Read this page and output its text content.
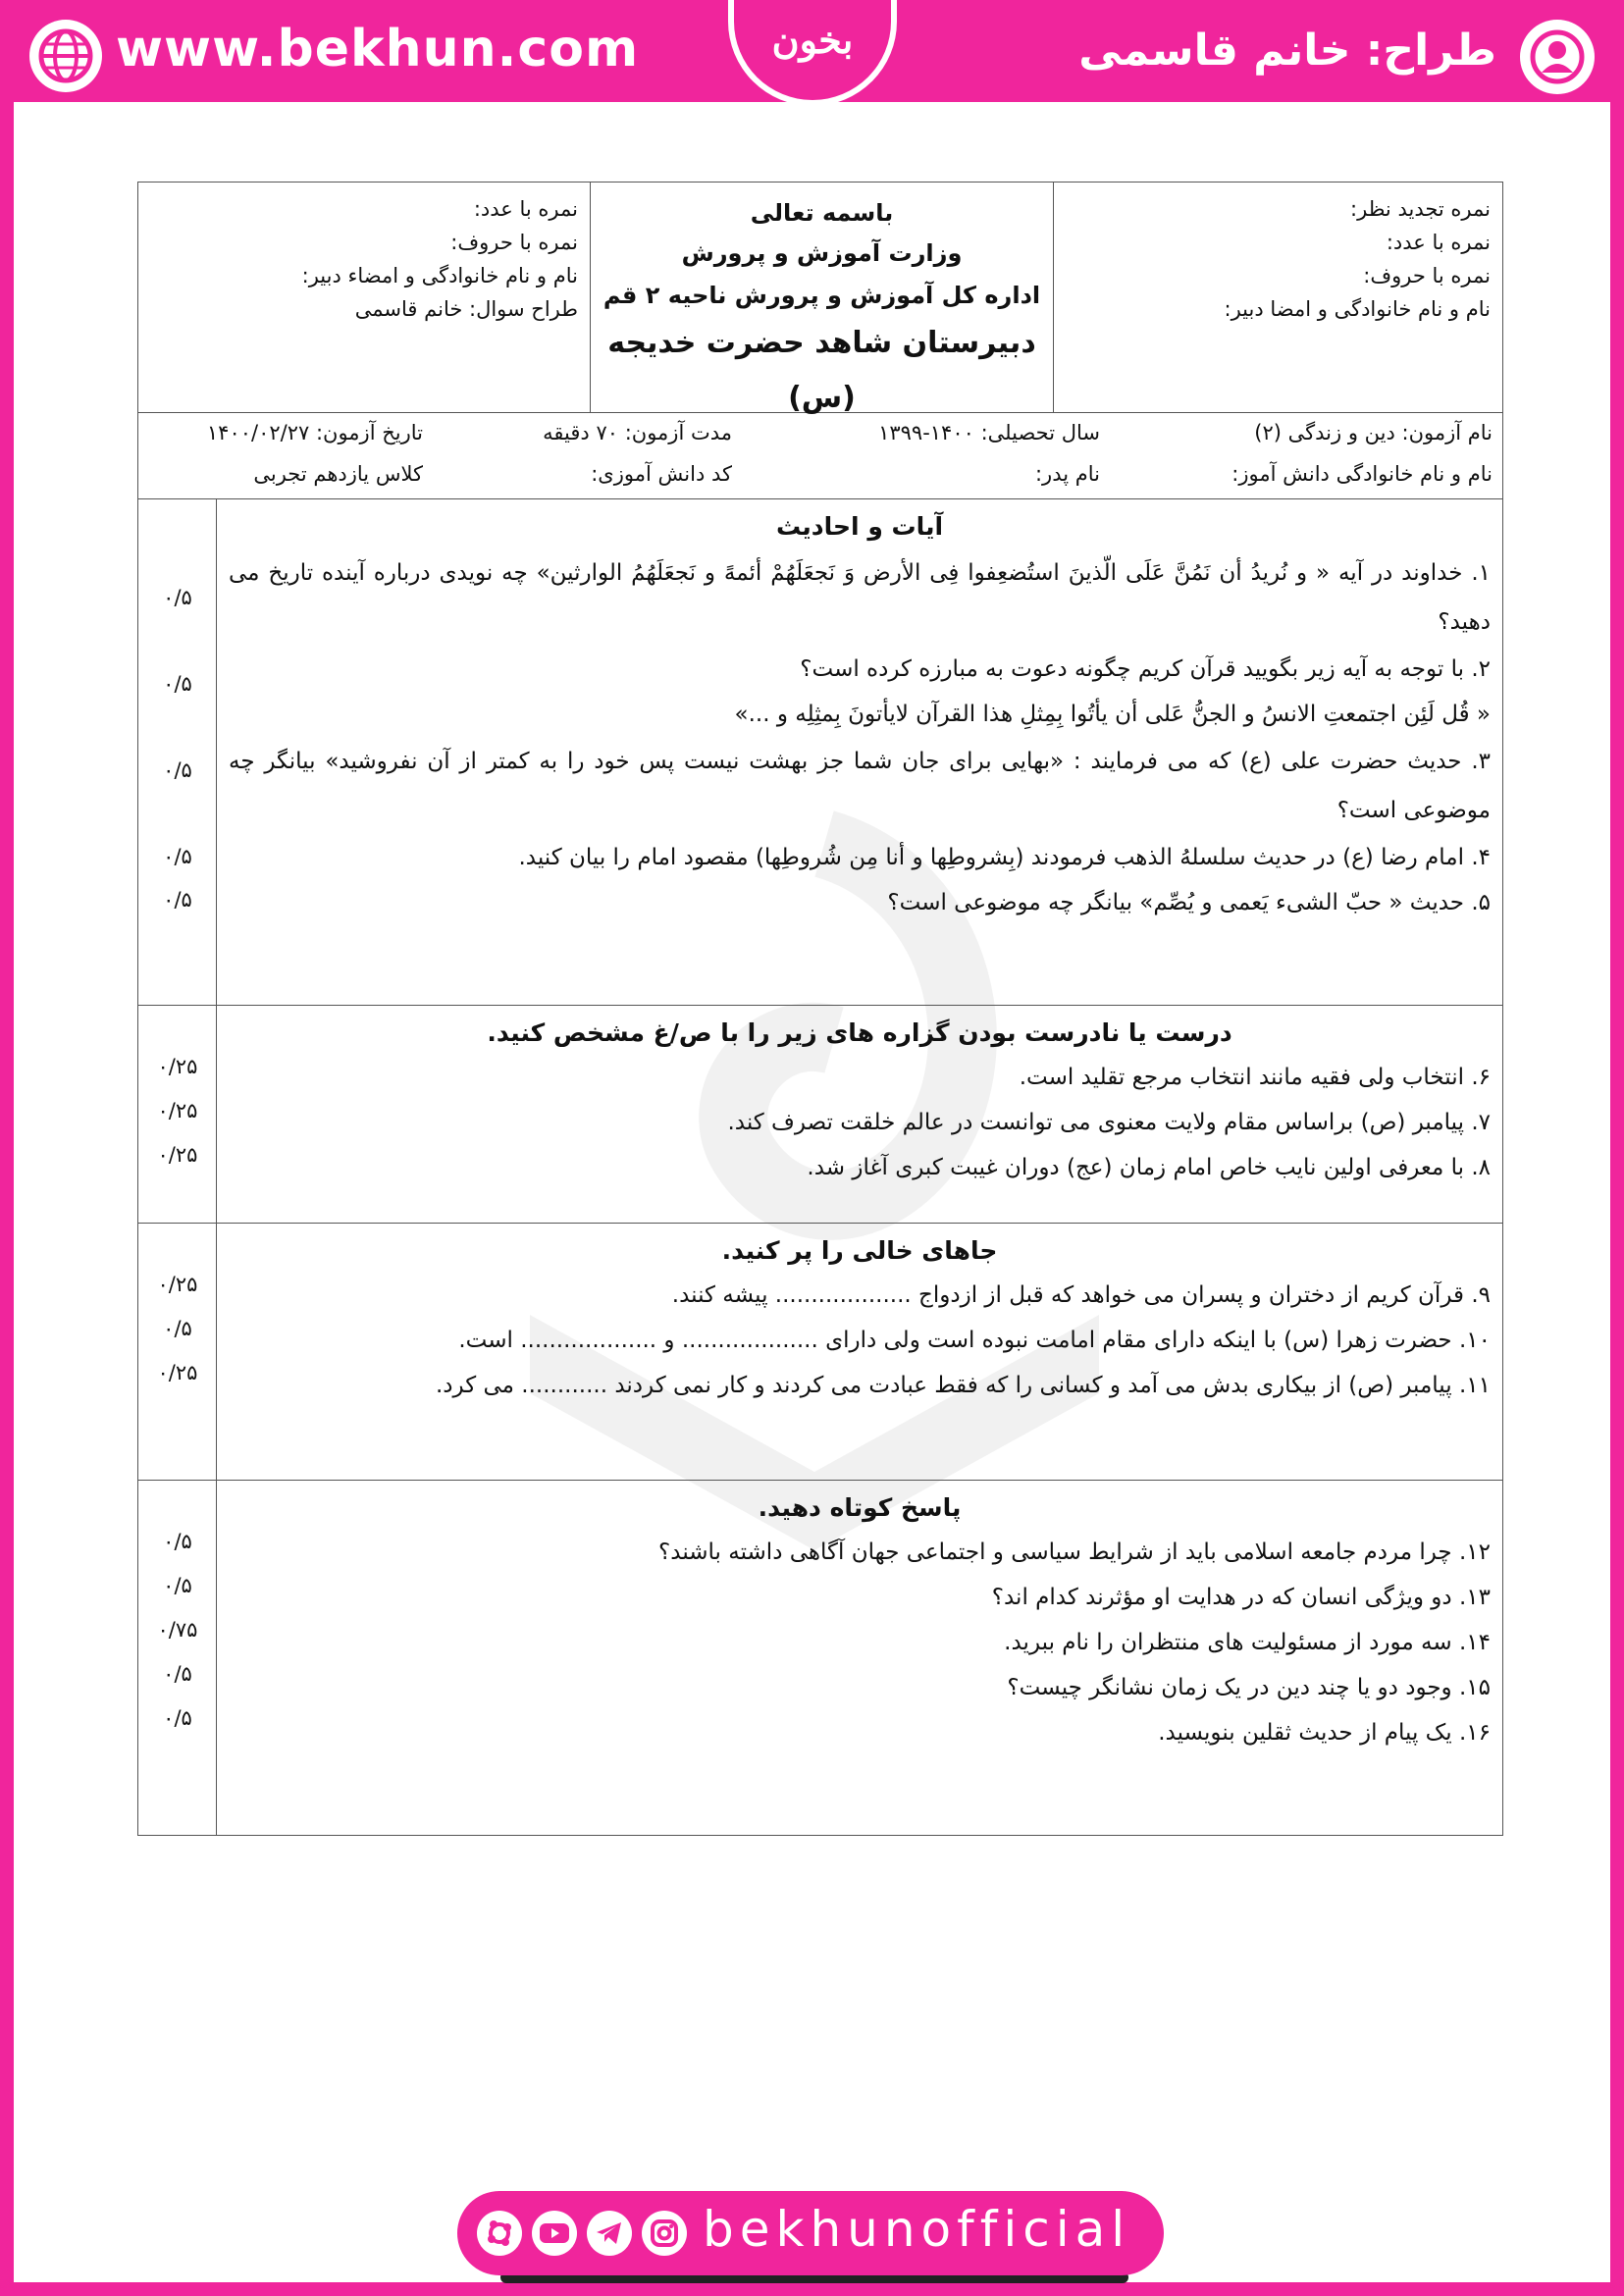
www.bekhun.com	بخون	طراح: خانم قاسمی
نمره تجدید نظر:
نمره با عدد:
نمره با حروف:
نام و نام خانوادگی و امضا دبیر:
باسمه تعالی
وزارت آموزش و پرورش
اداره کل آموزش و پرورش ناحیه ۲ قم
دبیرستان شاهد حضرت خدیجه (س)
نمره با عدد:
نمره با حروف:
نام و نام خانوادگی و امضاء دبیر:
طراح سوال: خانم قاسمی
نام آزمون: دین و زندگی (۲)
سال تحصیلی: ۱۴۰۰-۱۳۹۹
مدت آزمون: ۷۰ دقیقه
تاریخ آزمون: ۱۴۰۰/۰۲/۲۷
نام و نام خانوادگی دانش آموز:
نام پدر:
کد دانش آموزی:
کلاس یازدهم تجربی
آیات و احادیث
۱. خداوند در آیه « و نُریدُ أن نَمُنَّ عَلَی الّذینَ استُضعِفوا فِی الأرض وَ نَجعَلَهُمْ أئمهً و نَجعَلَهُمُ الوارثین» چه نویدی درباره آینده تاریخ می دهید؟
۲. با توجه به آیه زیر بگویید قرآن کریم چگونه دعوت به مبارزه کرده است؟
« قُل لَئِن اجتمعتِ الانسُ و الجنُّ عَلی أن یأتُوا بِمِثلِ هذا القرآن لایأتونَ بِمثِلِه و ...»
۳. حدیث حضرت علی (ع) که می فرمایند : «بهایی برای جان شما جز بهشت نیست پس خود را به کمتر از آن نفروشید» بیانگر چه موضوعی است؟
۴. امام رضا (ع) در حدیث سلسلهُ الذهب فرمودند (بِشروطِها و أنا مِن شُروطِها) مقصود امام را بیان کنید.
۵. حدیث « حبّ الشیء یَعمی و یُصِّم» بیانگر چه موضوعی است؟
۰/۵
۰/۵
۰/۵
۰/۵
۰/۵
درست یا نادرست بودن گزاره های زیر را با ص/غ مشخص کنید.
۶. انتخاب ولی فقیه مانند انتخاب مرجع تقلید است.
۷. پیامبر (ص) براساس مقام ولایت معنوی می توانست در عالم خلقت تصرف کند.
۸. با معرفی اولین نایب خاص امام زمان (عج) دوران غیبت کبری آغاز شد.
۰/۲۵
۰/۲۵
۰/۲۵
جاهای خالی را پر کنید.
۹. قرآن کریم از دختران و پسران می خواهد که قبل از ازدواج ................... پیشه کنند.
۱۰. حضرت زهرا (س) با اینکه دارای مقام امامت نبوده است ولی دارای ................... و ................... است.
۱۱. پیامبر (ص) از بیکاری بدش می آمد و کسانی را که فقط عبادت می کردند و کار نمی کردند ............ می کرد.
۰/۲۵
۰/۵
۰/۲۵
پاسخ کوتاه دهید.
۱۲. چرا مردم جامعه اسلامی باید از شرایط سیاسی و اجتماعی جهان آگاهی داشته باشند؟
۱۳. دو ویژگی انسان که در هدایت او مؤثرند کدام اند؟
۱۴. سه مورد از مسئولیت های منتظران را نام ببرید.
۱۵. وجود دو یا چند دین در یک زمان نشانگر چیست؟
۱۶. یک پیام از حدیث ثقلین بنویسید.
۰/۵
۰/۵
۰/۷۵
۰/۵
۰/۵
bekhunofficial
